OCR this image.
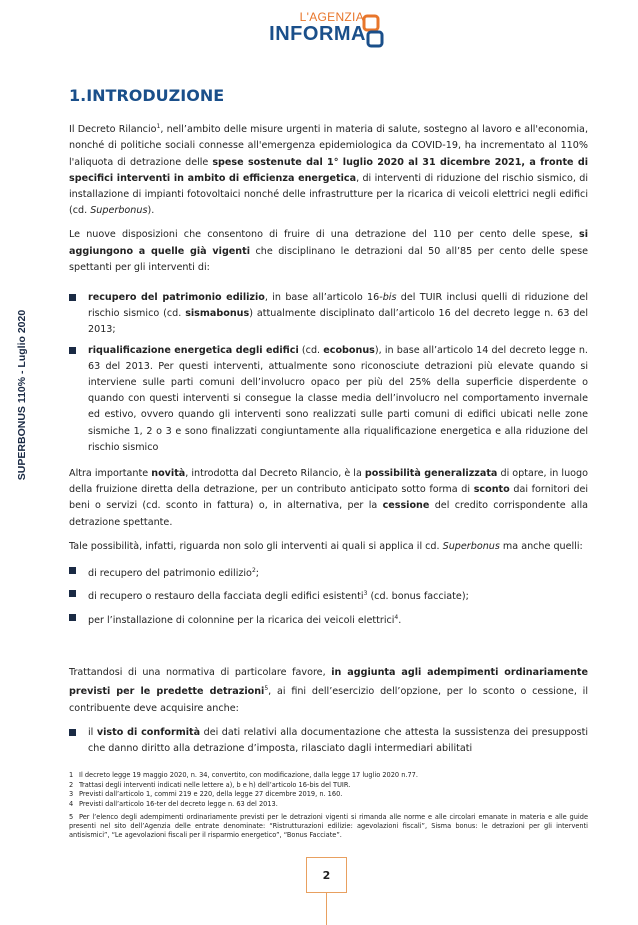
L'AGENZIA
INFORMA
SUPERBONUS 110% - Luglio 2020
1.INTRODUZIONE

Il Decreto Rilancio$^1$, nell’ambito delle misure urgenti in materia di salute, sostegno al lavoro e all'economia, nonché di politiche sociali connesse all'emergenza epidemiologica da COVID-19, ha incrementato al 110% l'aliquota di detrazione delle spese sostenute dal 1° luglio 2020 al 31 dicembre 2021, a fronte di specifici interventi in ambito di efficienza energetica, di interventi di riduzione del rischio sismico, di installazione di impianti fotovoltaici nonché delle infrastrutture per la ricarica di veicoli elettrici negli edifici (cd. Superbonus).

Le nuove disposizioni che consentono di fruire di una detrazione del 110 per cento delle spese, si aggiungono a quelle già vigenti che disciplinano le detrazioni dal 50 all’85 per cento delle spese spettanti per gli interventi di:

recupero del patrimonio edilizio, in base all’articolo 16-bis del TUIR inclusi quelli di riduzione del rischio sismico (cd. sismabonus) attualmente disciplinato dall’articolo 16 del decreto legge n. 63 del 2013;
riqualificazione energetica degli edifici (cd. ecobonus), in base all’articolo 14 del decreto legge n. 63 del 2013. Per questi interventi, attualmente sono riconosciute detrazioni più elevate quando si interviene sulle parti comuni dell’involucro opaco per più del 25% della superficie disperdente o quando con questi interventi si consegue la classe media dell’involucro nel comportamento invernale ed estivo, ovvero quando gli interventi sono realizzati sulle parti comuni di edifici ubicati nelle zone sismiche 1, 2 o 3 e sono finalizzati congiuntamente alla riqualificazione energetica e alla riduzione del rischio sismico

Altra importante novità, introdotta dal Decreto Rilancio, è la possibilità generalizzata di optare, in luogo della fruizione diretta della detrazione, per un contributo anticipato sotto forma di sconto dai fornitori dei beni o servizi (cd. sconto in fattura) o, in alternativa, per la cessione del credito corrispondente alla detrazione spettante.

Tale possibilità, infatti, riguarda non solo gli interventi ai quali si applica il cd. Superbonus ma anche quelli:

di recupero del patrimonio edilizio$^2$;
di recupero o restauro della facciata degli edifici esistenti$^3$ (cd. bonus facciate);
per l’installazione di colonnine per la ricarica dei veicoli elettrici$^4$.

Trattandosi di una normativa di particolare favore, in aggiunta agli adempimenti ordinariamente previsti per le predette detrazioni$^5$, ai fini dell’esercizio dell’opzione, per lo sconto o cessione, il contribuente deve acquisire anche:

il visto di conformità dei dati relativi alla documentazione che attesta la sussistenza dei presupposti che danno diritto alla detrazione d’imposta, rilasciato dagli intermediari abilitati
1 Il decreto legge 19 maggio 2020, n. 34, convertito, con modificazione, dalla legge 17 luglio 2020 n.77.
2 Trattasi degli interventi indicati nelle lettere a), b e h) dell’articolo 16-bis del TUIR.
3 Previsti dall’articolo 1, commi 219 e 220, della legge 27 dicembre 2019, n. 160.
4 Previsti dall’articolo 16-ter del decreto legge n. 63 del 2013.
5 Per l’elenco degli adempimenti ordinariamente previsti per le detrazioni vigenti si rimanda alle norme e alle circolari emanate in materia e alle guide presenti nel sito dell’Agenzia delle entrate denominate: “Ristrutturazioni edilizie: agevolazioni fiscali”, Sisma bonus: le detrazioni per gli interventi antisismici”, “Le agevolazioni fiscali per il risparmio energetico”, “Bonus Facciate”.
2
